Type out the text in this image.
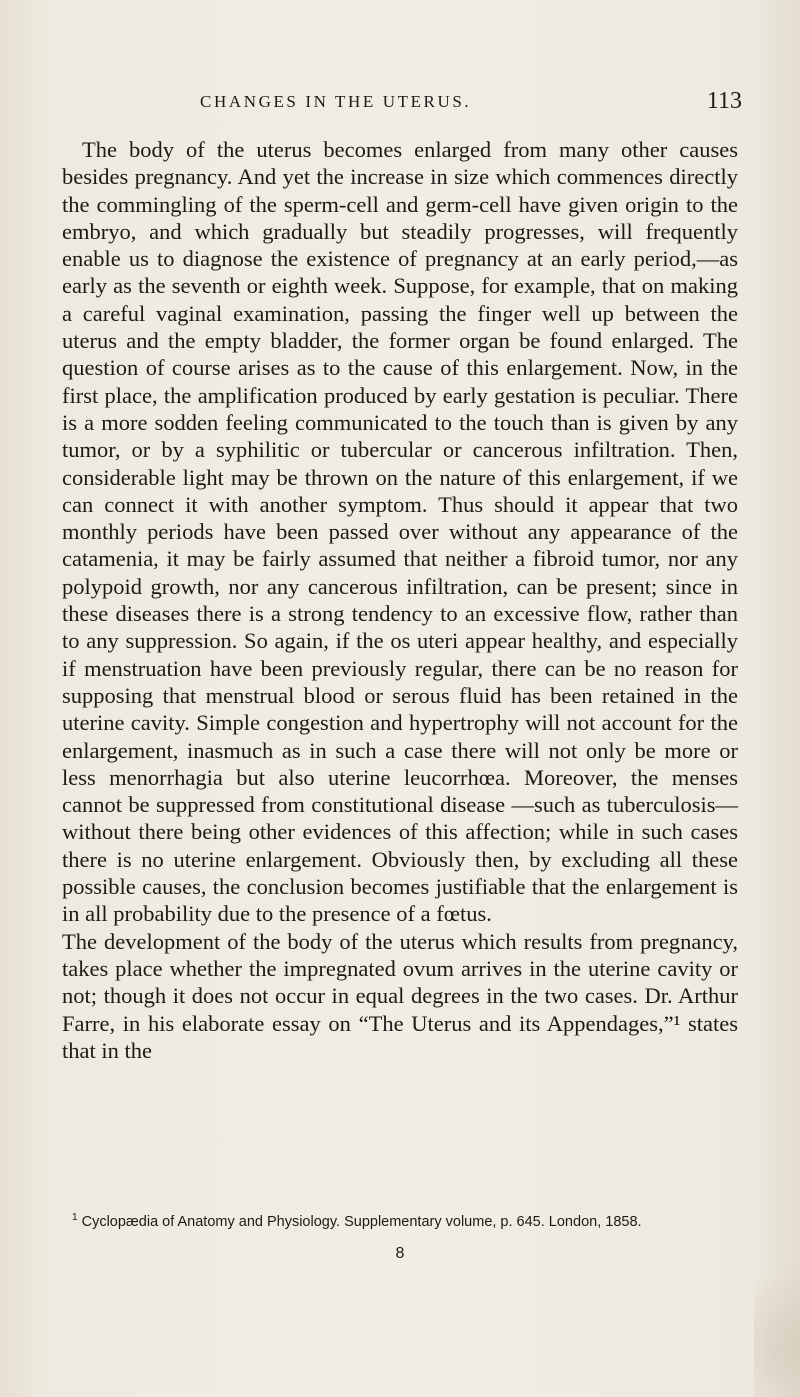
CHANGES IN THE UTERUS.	113

The body of the uterus becomes enlarged from many other causes besides pregnancy. And yet the increase in size which commences directly the commingling of the sperm-cell and germ-cell have given origin to the embryo, and which gradually but steadily progresses, will frequently enable us to diagnose the existence of pregnancy at an early period,—as early as the seventh or eighth week. Suppose, for example, that on making a careful vaginal examination, passing the finger well up between the uterus and the empty bladder, the former organ be found enlarged. The question of course arises as to the cause of this enlargement. Now, in the first place, the amplification produced by early gestation is peculiar. There is a more sodden feeling communicated to the touch than is given by any tumor, or by a syphilitic or tubercular or cancerous infiltration. Then, considerable light may be thrown on the nature of this enlargement, if we can connect it with another symptom. Thus should it appear that two monthly periods have been passed over without any appearance of the catamenia, it may be fairly assumed that neither a fibroid tumor, nor any polypoid growth, nor any cancerous infiltration, can be present; since in these diseases there is a strong tendency to an excessive flow, rather than to any suppression. So again, if the os uteri appear healthy, and especially if menstruation have been previously regular, there can be no reason for supposing that menstrual blood or serous fluid has been retained in the uterine cavity. Simple congestion and hypertrophy will not account for the enlargement, inasmuch as in such a case there will not only be more or less menorrhagia but also uterine leucorrhœa. Moreover, the menses cannot be suppressed from constitutional disease —such as tuberculosis—without there being other evidences of this affection; while in such cases there is no uterine enlargement. Obviously then, by excluding all these possible causes, the conclusion becomes justifiable that the enlargement is in all probability due to the presence of a fœtus.

The development of the body of the uterus which results from pregnancy, takes place whether the impregnated ovum arrives in the uterine cavity or not; though it does not occur in equal degrees in the two cases. Dr. Arthur Farre, in his elaborate essay on “The Uterus and its Appendages,”¹ states that in the

$^1$ Cyclopædia of Anatomy and Physiology. Supplementary volume, p. 645. London, 1858.
8
